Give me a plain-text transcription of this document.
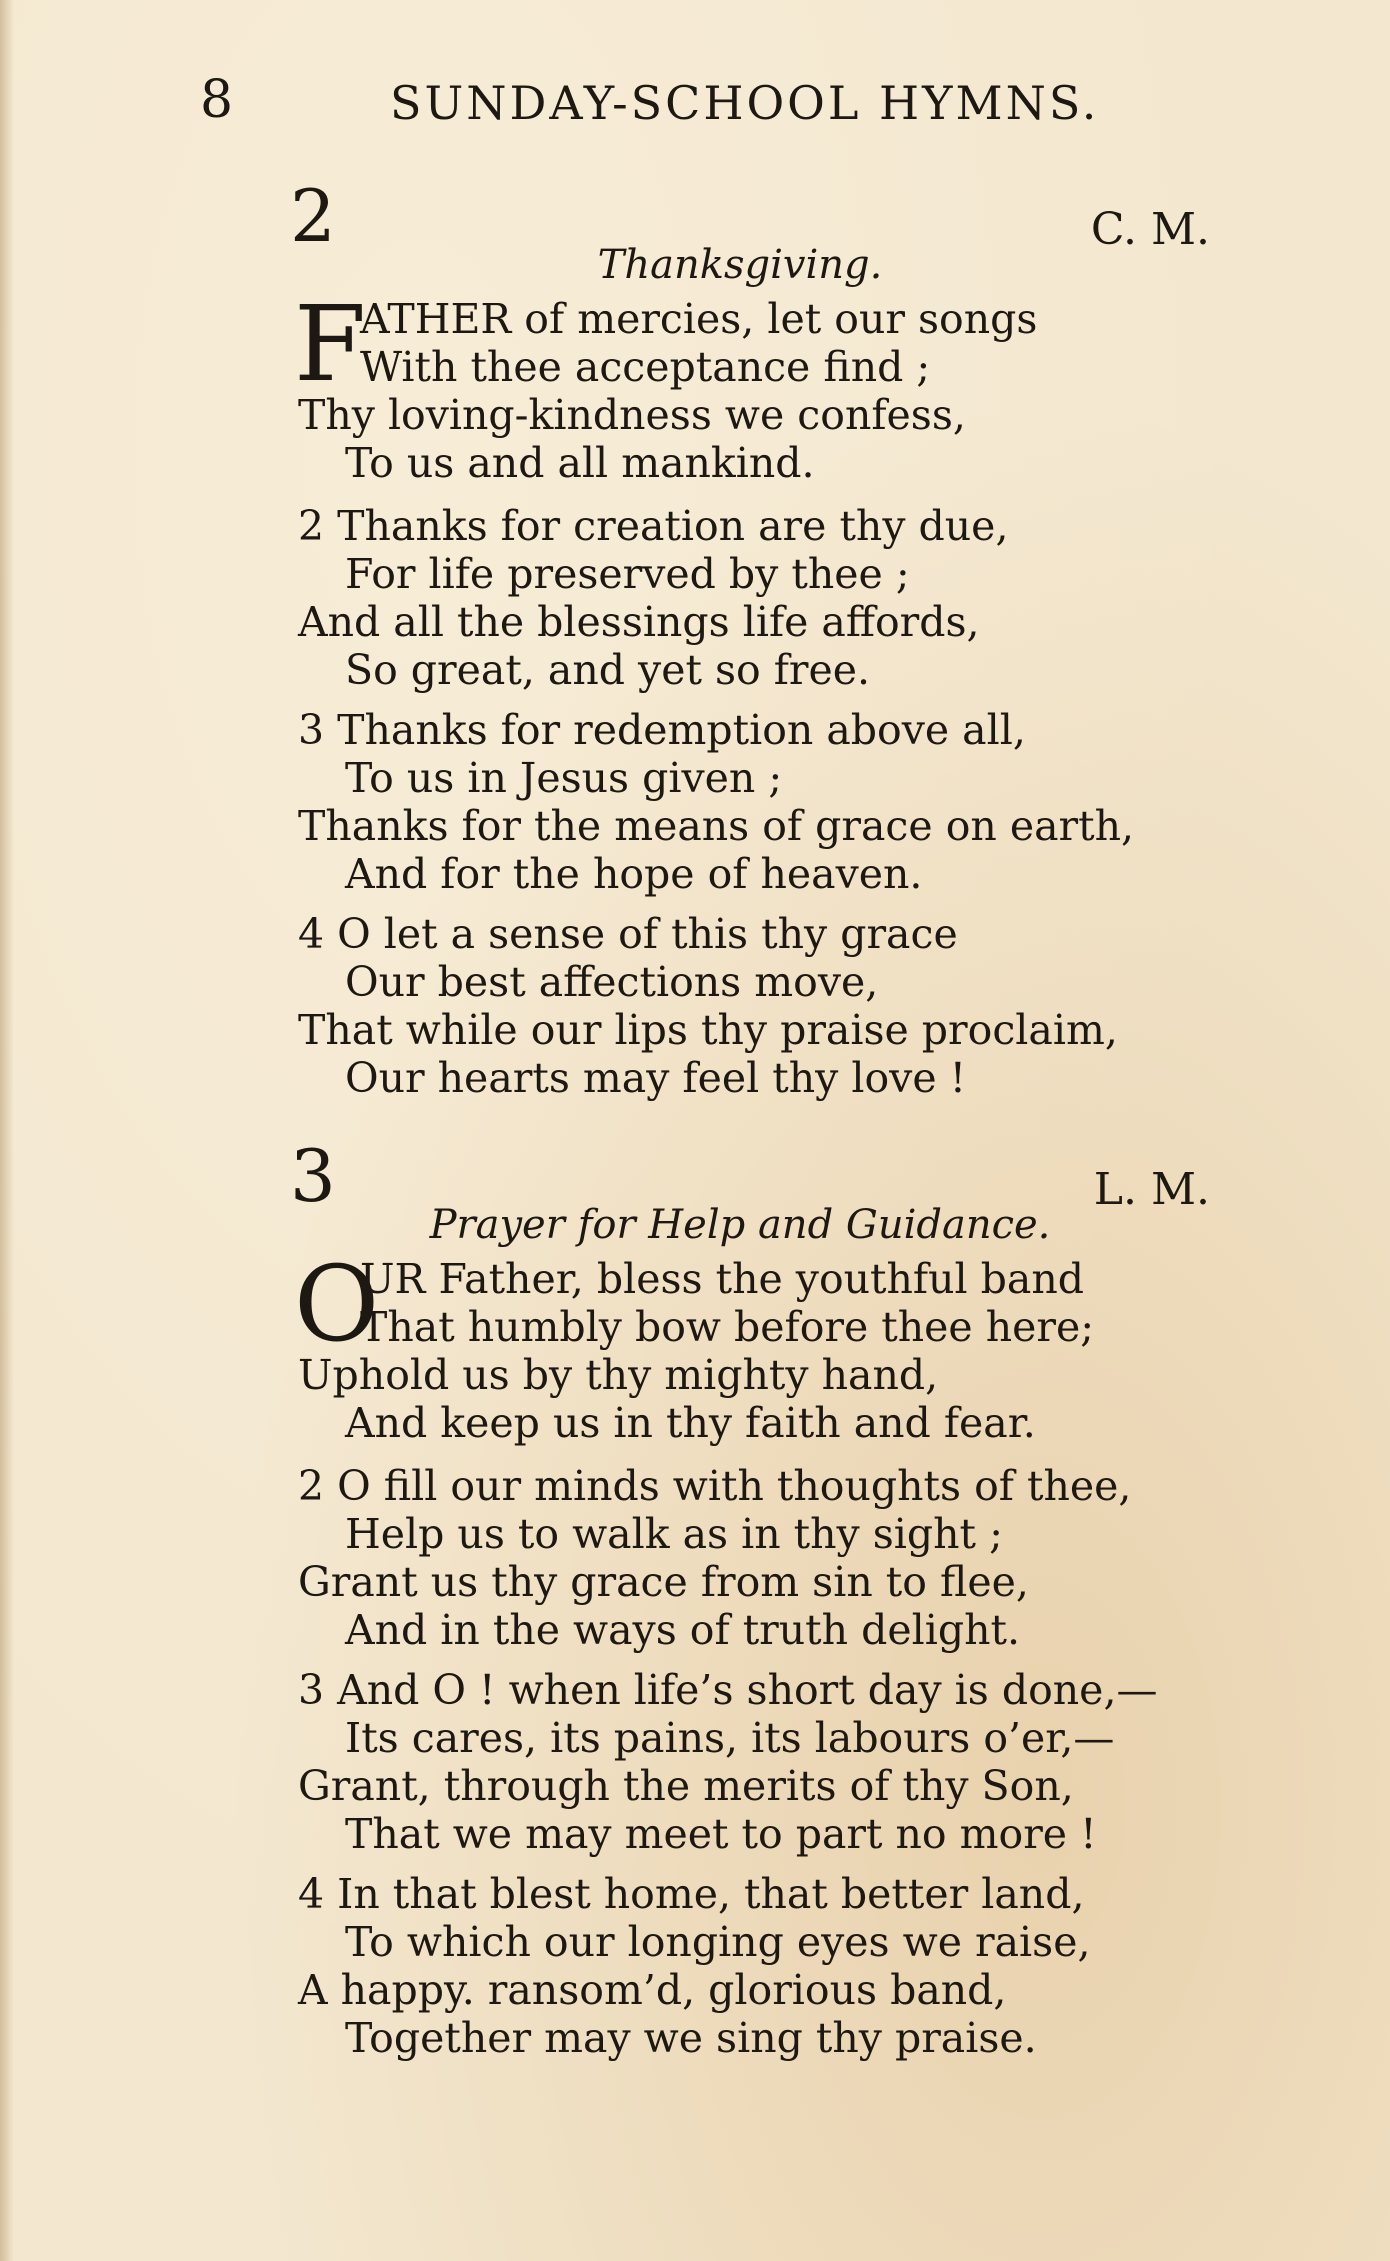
8	SUNDAY-SCHOOL HYMNS.
2	C. M.
Thanksgiving.
F
ATHER of mercies, let our songs
With thee acceptance find ;
Thy loving-kindness we confess,
To us and all mankind.
2 Thanks for creation are thy due,
For life preserved by thee ;
And all the blessings life affords,
So great, and yet so free.
3 Thanks for redemption above all,
To us in Jesus given ;
Thanks for the means of grace on earth,
And for the hope of heaven.
4 O let a sense of this thy grace
Our best affections move,
That while our lips thy praise proclaim,
Our hearts may feel thy love !
3	L. M.
Prayer for Help and Guidance.
O
UR Father, bless the youthful band
That humbly bow before thee here;
Uphold us by thy mighty hand,
And keep us in thy faith and fear.
2 O fill our minds with thoughts of thee,
Help us to walk as in thy sight ;
Grant us thy grace from sin to flee,
And in the ways of truth delight.
3 And O ! when life’s short day is done,—
Its cares, its pains, its labours o’er,—
Grant, through the merits of thy Son,
That we may meet to part no more !
4 In that blest home, that better land,
To which our longing eyes we raise,
A happy. ransom’d, glorious band,
Together may we sing thy praise.
